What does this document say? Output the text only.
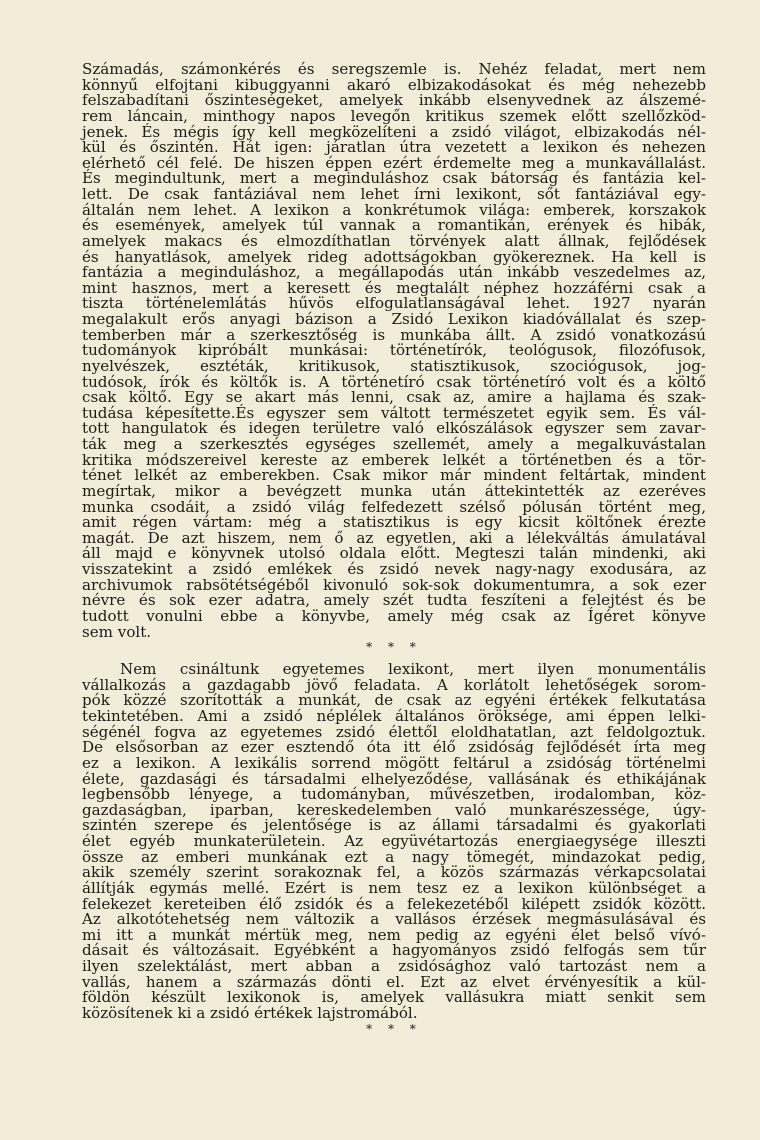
Számadás, számonkérés és seregszemle is. Nehéz feladat, mert nem
könnyű elfojtani kibuggyanni akaró elbizakodásokat és még nehezebb
felszabadítani őszinteségeket, amelyek inkább elsenyvednek az álszemé-
rem láncain, minthogy napos levegőn kritikus szemek előtt szellőzköd-
jenek. És mégis így kell megközelíteni a zsidó világot, elbizakodás nél-
kül és őszintén. Hát igen: járatlan útra vezetett a lexikon és nehezen
elérhető cél felé. De hiszen éppen ezért érdemelte meg a munkavállalást.
És megindultunk, mert a meginduláshoz csak bátorság és fantázia kel-
lett. De csak fantáziával nem lehet írni lexikont, sőt fantáziával egy-
általán nem lehet. A lexikon a konkrétumok világa: emberek, korszakok
és események, amelyek túl vannak a romantikán, erények és hibák,
amelyek makacs és elmozdíthatlan törvények alatt állnak, fejlődések
és hanyatlások, amelyek rideg adottságokban gyökereznek. Ha kell is
fantázia a meginduláshoz, a megállapodás után inkább veszedelmes az,
mint hasznos, mert a keresett és megtalált néphez hozzáférni csak a
tiszta történelemlátás hűvös elfogulatlanságával lehet. 1927 nyarán
megalakult erős anyagi bázison a Zsidó Lexikon kiadóvállalat és szep-
temberben már a szerkesztőség is munkába állt. A zsidó vonatkozású
tudományok kipróbált munkásai: történetírók, teológusok, filozófusok,
nyelvészek, esztéták, kritikusok, statisztikusok, szociógusok, jog-
tudósok, írók és költők is. A történetíró csak történetíró volt és a költő
csak költő. Egy se akart más lenni, csak az, amire a hajlama és szak-
tudása képesítette.És egyszer sem váltott természetet egyik sem. És vál-
tott hangulatok és idegen területre való elkószálások egyszer sem zavar-
ták meg a szerkesztés egységes szellemét, amely a megalkuvástalan
kritika módszereivel kereste az emberek lelkét a történetben és a tör-
ténet lelkét az emberekben. Csak mikor már mindent feltártak, mindent
megírtak, mikor a bevégzett munka után áttekintették az ezeréves
munka csodáit, a zsidó világ felfedezett szélső pólusán történt meg,
amit régen vártam: még a statisztikus is egy kicsit költőnek érezte
magát. De azt hiszem, nem ő az egyetlen, aki a lélekváltás ámulatával
áll majd e könyvnek utolsó oldala előtt. Megteszi talán mindenki, aki
visszatekint a zsidó emlékek és zsidó nevek nagy-nagy exodusára, az
archivumok rabsötétségéből kivonuló sok-sok dokumentumra, a sok ezer
névre és sok ezer adatra, amely szét tudta feszíteni a felejtést és be
tudott vonulni ebbe a könyvbe, amely még csak az Ígéret könyve
sem volt.
* * *
Nem csináltunk egyetemes lexikont, mert ilyen monumentális
vállalkozás a gazdagabb jövő feladata. A korlátolt lehetőségek sorom-
pók közzé szorították a munkát, de csak az egyéni értékek felkutatása
tekintetében. Ami a zsidó néplélek általános öröksége, ami éppen lelki-
ségénél fogva az egyetemes zsidó élettől eloldhatatlan, azt feldolgoztuk.
De elsősorban az ezer esztendő óta itt élő zsidóság fejlődését írta meg
ez a lexikon. A lexikális sorrend mögött feltárul a zsidóság történelmi
élete, gazdasági és társadalmi elhelyeződése, vallásának és ethikájának
legbensőbb lényege, a tudományban, művészetben, irodalomban, köz-
gazdaságban, iparban, kereskedelemben való munkarészessége, úgy-
szintén szerepe és jelentősége is az állami társadalmi és gyakorlati
élet egyéb munkaterületein. Az együvétartozás energiaegysége illeszti
össze az emberi munkának ezt a nagy tömegét, mindazokat pedig,
akik személy szerint sorakoznak fel, a közös származás vérkapcsolatai
állítják egymás mellé. Ezért is nem tesz ez a lexikon különbséget a
felekezet kereteiben élő zsidók és a felekezetéből kilépett zsidók között.
Az alkotótehetség nem változik a vallásos érzések megmásulásával és
mi itt a munkát mértük meg, nem pedig az egyéni élet belső vívó-
dásait és változásait. Egyébként a hagyományos zsidó felfogás sem tűr
ilyen szelektálást, mert abban a zsidósághoz való tartozást nem a
vallás, hanem a származás dönti el. Ezt az elvet érvényesítik a kül-
földön készült lexikonok is, amelyek vallásukra miatt senkit sem
közösítenek ki a zsidó értékek lajstromából.
* * *
